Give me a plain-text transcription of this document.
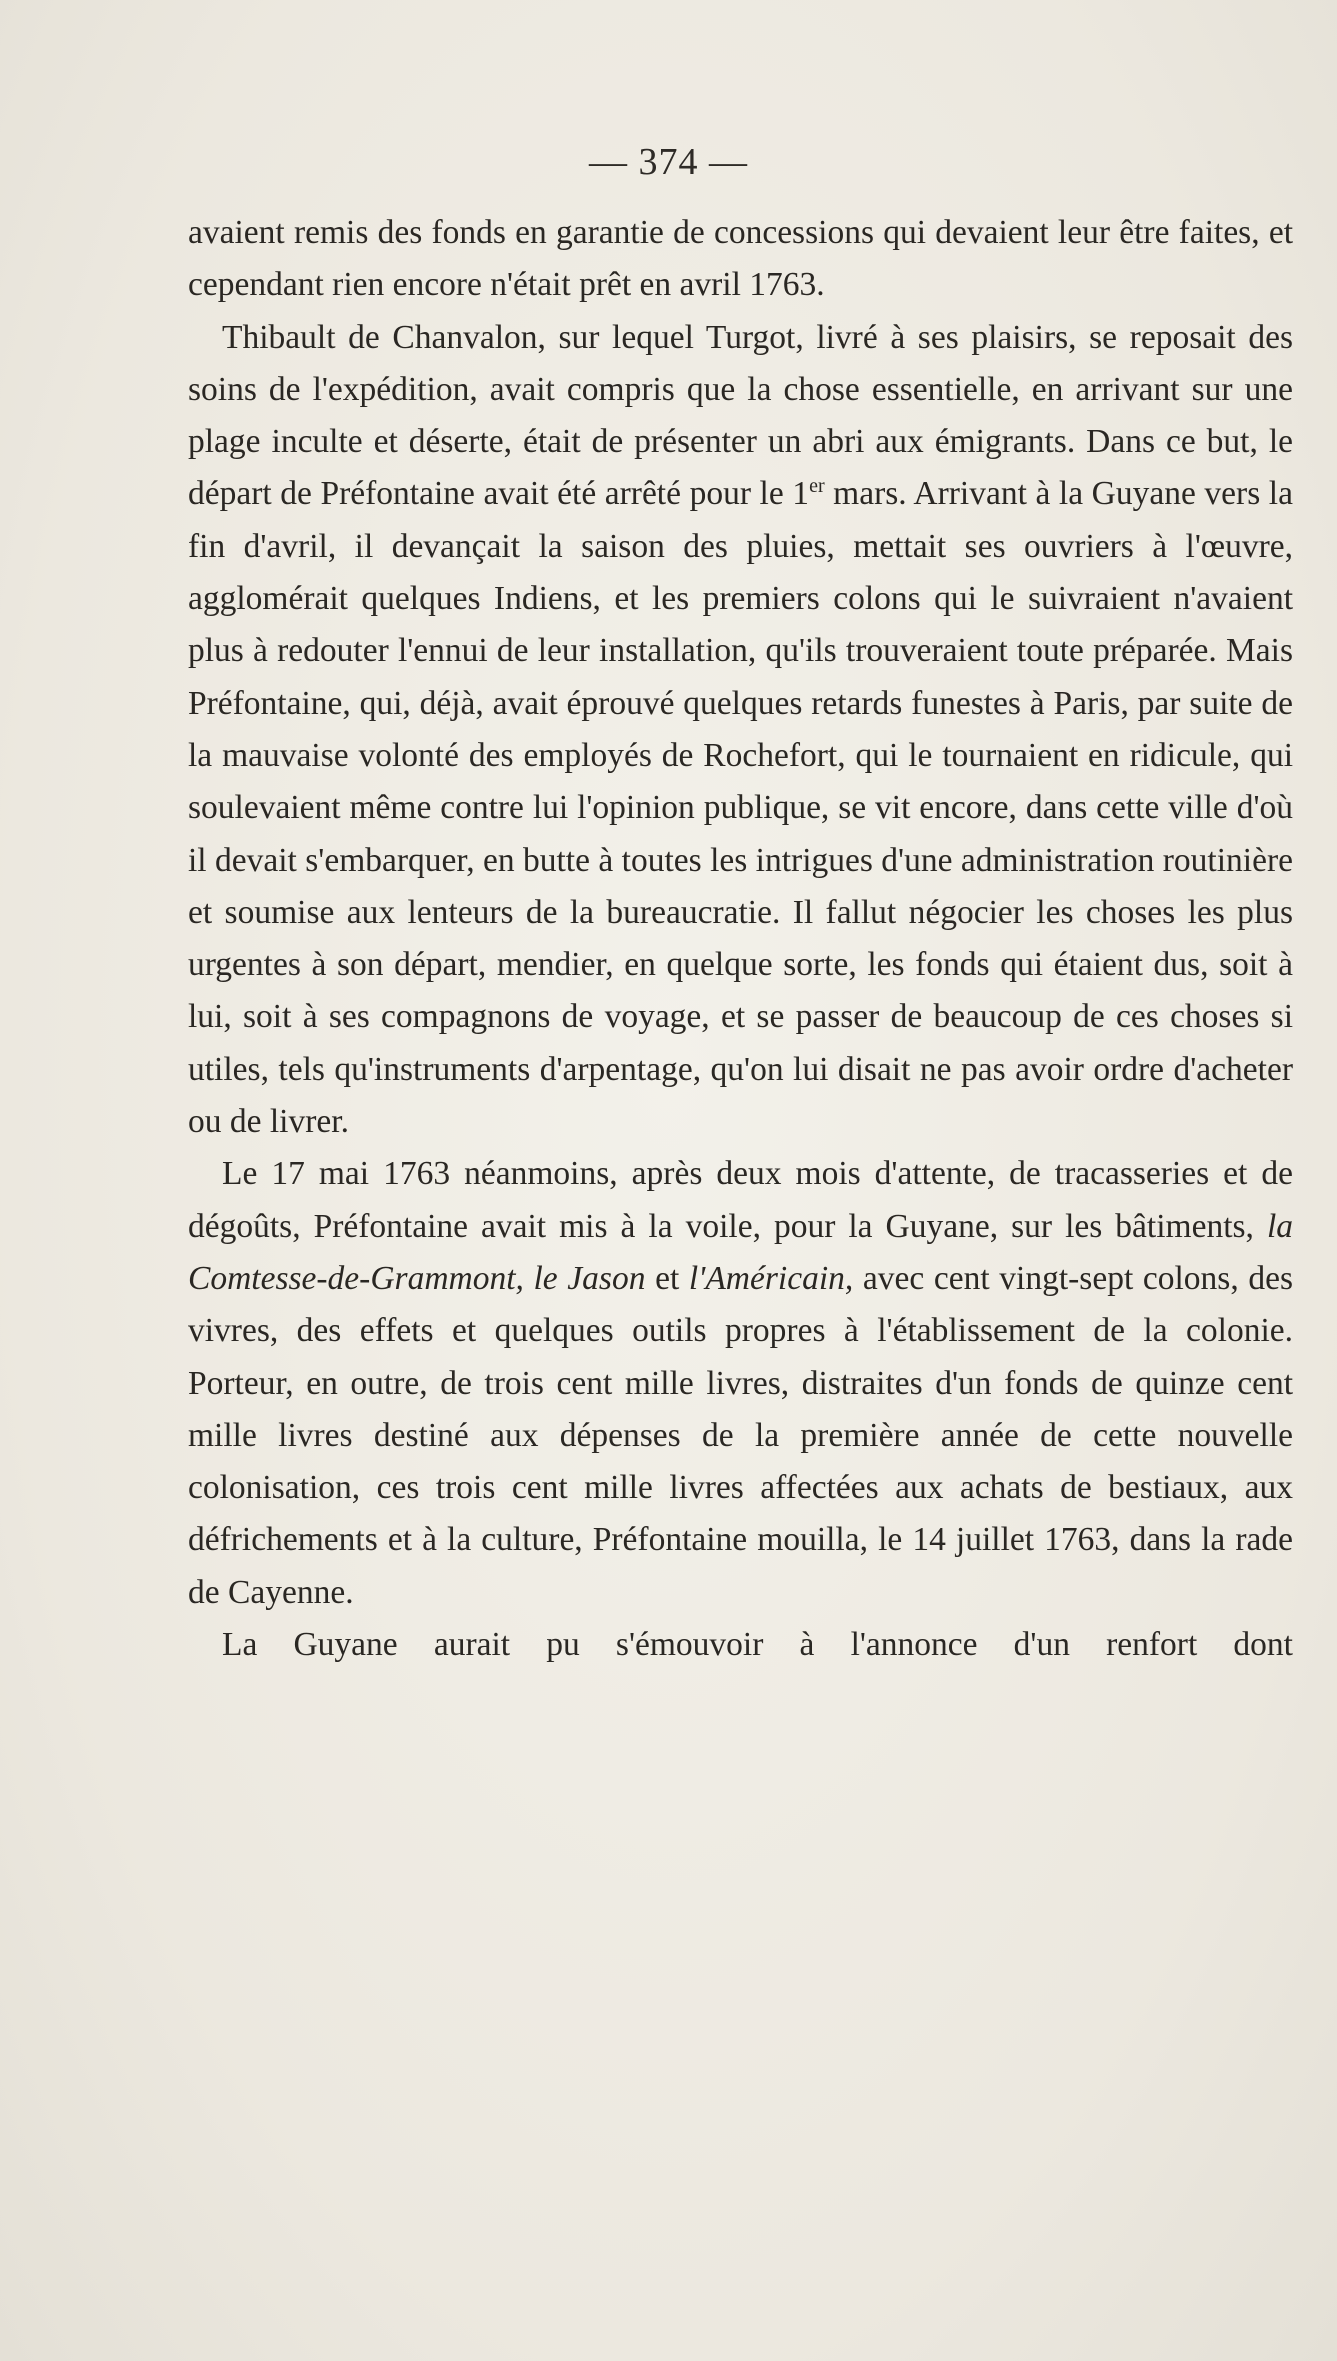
— 374 —

avaient remis des fonds en garantie de concessions qui devaient leur être faites, et cependant rien encore n'était prêt en avril 1763.

Thibault de Chanvalon, sur lequel Turgot, livré à ses plaisirs, se reposait des soins de l'expédition, avait compris que la chose essentielle, en arrivant sur une plage inculte et déserte, était de présenter un abri aux émigrants. Dans ce but, le départ de Préfontaine avait été arrêté pour le 1er mars. Arrivant à la Guyane vers la fin d'avril, il devançait la saison des pluies, mettait ses ouvriers à l'œuvre, agglomérait quelques Indiens, et les premiers colons qui le suivraient n'avaient plus à redouter l'ennui de leur installation, qu'ils trouveraient toute préparée. Mais Préfontaine, qui, déjà, avait éprouvé quelques retards funestes à Paris, par suite de la mauvaise volonté des employés de Rochefort, qui le tournaient en ridicule, qui soulevaient même contre lui l'opinion publique, se vit encore, dans cette ville d'où il devait s'embarquer, en butte à toutes les intrigues d'une administration routinière et soumise aux lenteurs de la bureaucratie. Il fallut négocier les choses les plus urgentes à son départ, mendier, en quelque sorte, les fonds qui étaient dus, soit à lui, soit à ses compagnons de voyage, et se passer de beaucoup de ces choses si utiles, tels qu'instruments d'arpentage, qu'on lui disait ne pas avoir ordre d'acheter ou de livrer.

Le 17 mai 1763 néanmoins, après deux mois d'attente, de tracasseries et de dégoûts, Préfontaine avait mis à la voile, pour la Guyane, sur les bâtiments, la Comtesse-de-Grammont, le Jason et l'Américain, avec cent vingt-sept colons, des vivres, des effets et quelques outils propres à l'établissement de la colonie. Porteur, en outre, de trois cent mille livres, distraites d'un fonds de quinze cent mille livres destiné aux dépenses de la première année de cette nouvelle colonisation, ces trois cent mille livres affectées aux achats de bestiaux, aux défrichements et à la culture, Préfontaine mouilla, le 14 juillet 1763, dans la rade de Cayenne.

La Guyane aurait pu s'émouvoir à l'annonce d'un renfort dont
